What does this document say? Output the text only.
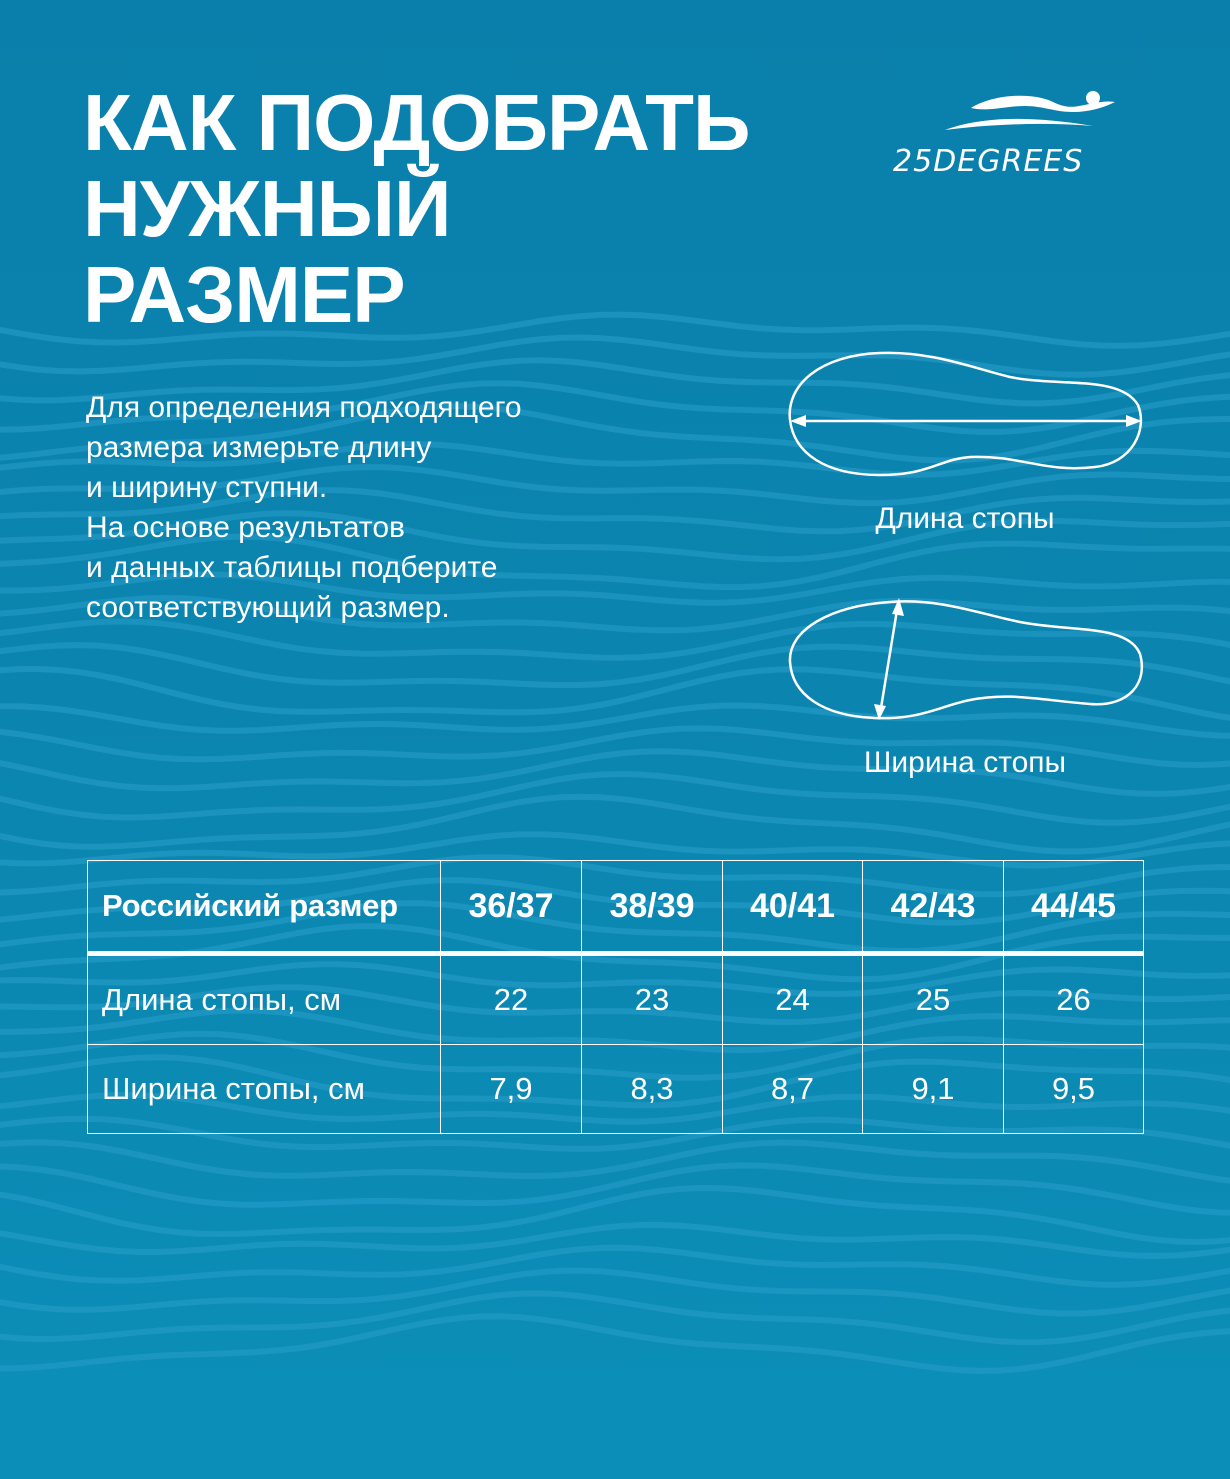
КАК ПОДОБРАТЬ
НУЖНЫЙ
РАЗМЕР
25DEGREES

Для определения подходящего
размера измерьте длину
и ширину ступни.
На основе результатов
и данных таблицы подберите
соответствующий размер.

Длина стопы
Ширина стопы
Российский размер	36/37	38/39	40/41	42/43	44/45
Длина стопы, см	22	23	24	25	26
Ширина стопы, см	7,9	8,3	8,7	9,1	9,5
